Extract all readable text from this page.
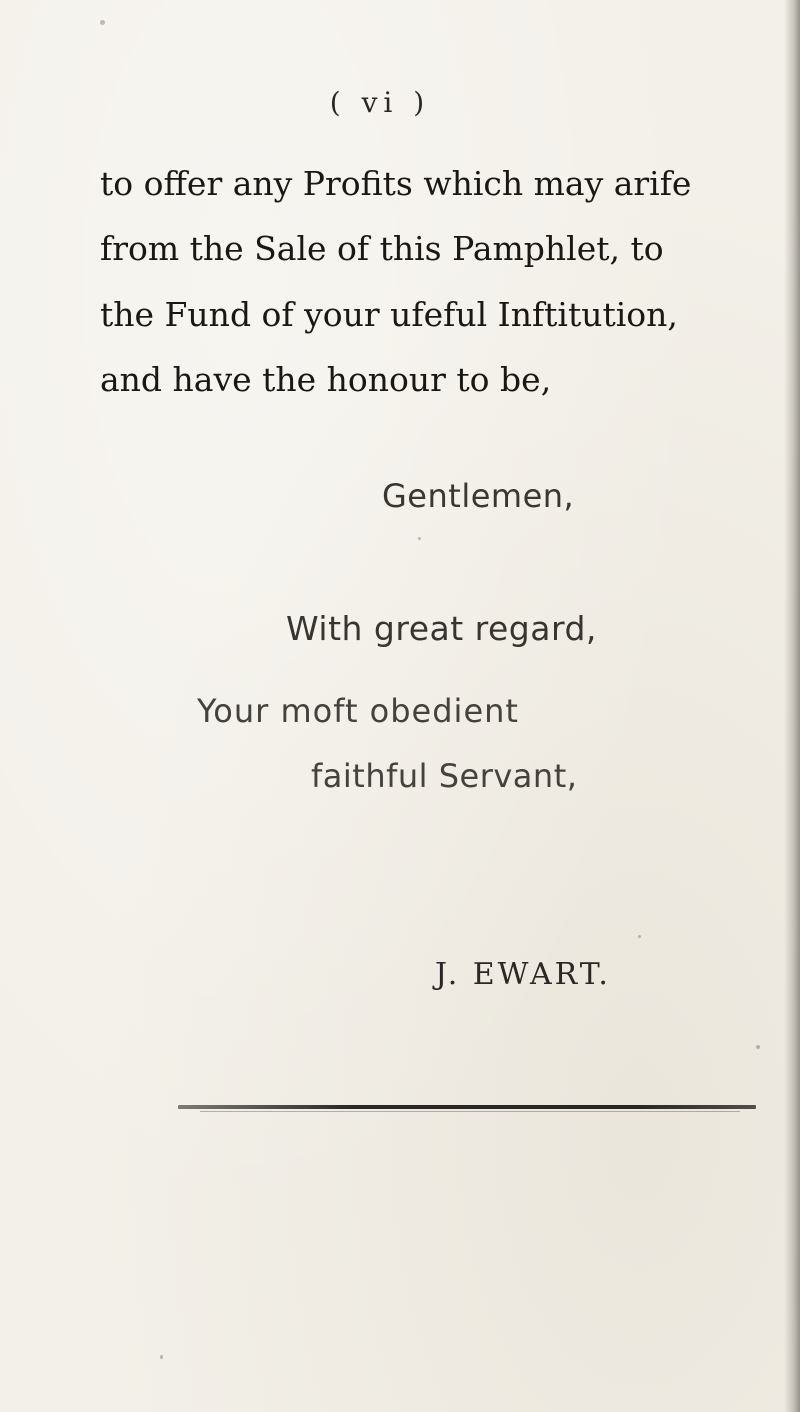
( vi )
to offer any Profits which may arife
from the Sale of this Pamphlet, to
the Fund of your ufeful Inftitution,
and have the honour to be,
Gentlemen,
With great regard,
Your moft obedient
faithful Servant,
J. EWART.
